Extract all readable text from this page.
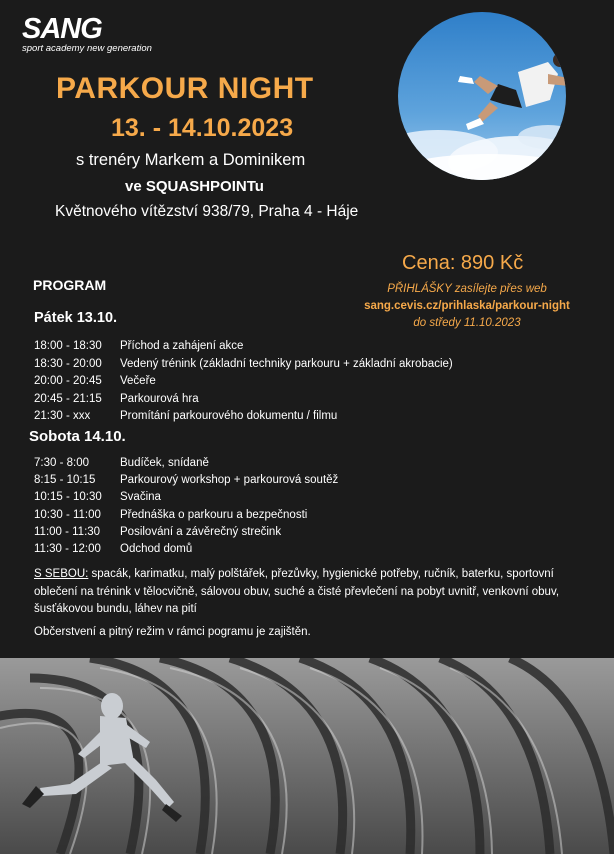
SANG
sport academy new generation
PARKOUR NIGHT
13. - 14.10.2023
s trenéry Markem a Dominikem
ve SQUASHPOINTu
Květnového vítězství 938/79, Praha 4 - Háje
Cena: 890 Kč
PŘIHLÁŠKY zasílejte přes web
sang.cevis.cz/prihlaska/parkour-night
do středy 11.10.2023
PROGRAM
Pátek 13.10.
18:00 - 18:30	Příchod a zahájení akce
18:30 - 20:00	Vedený trénink (základní techniky parkouru + základní akrobacie)
20:00 - 20:45	Večeře
20:45 - 21:15	Parkourová hra
21:30 - xxx	Promítání parkourového dokumentu / filmu
Sobota 14.10.
7:30 - 8:00	Budíček, snídaně
8:15 - 10:15	Parkourový workshop + parkourová soutěž
10:15 - 10:30	Svačina
10:30 - 11:00	Přednáška o parkouru a bezpečnosti
11:00 - 11:30	Posilování a závěrečný strečink
11:30 - 12:00	Odchod domů
S SEBOU: spacák, karimatku, malý polštářek, přezůvky, hygienické potřeby, ručník, baterku, sportovní oblečení na trénink v tělocvičně, sálovou obuv, suché a čisté převlečení na pobyt uvnitř, venkovní obuv, šusťákovou bundu, láhev na pití
Občerstvení a pitný režim v rámci pogramu je zajištěn.
